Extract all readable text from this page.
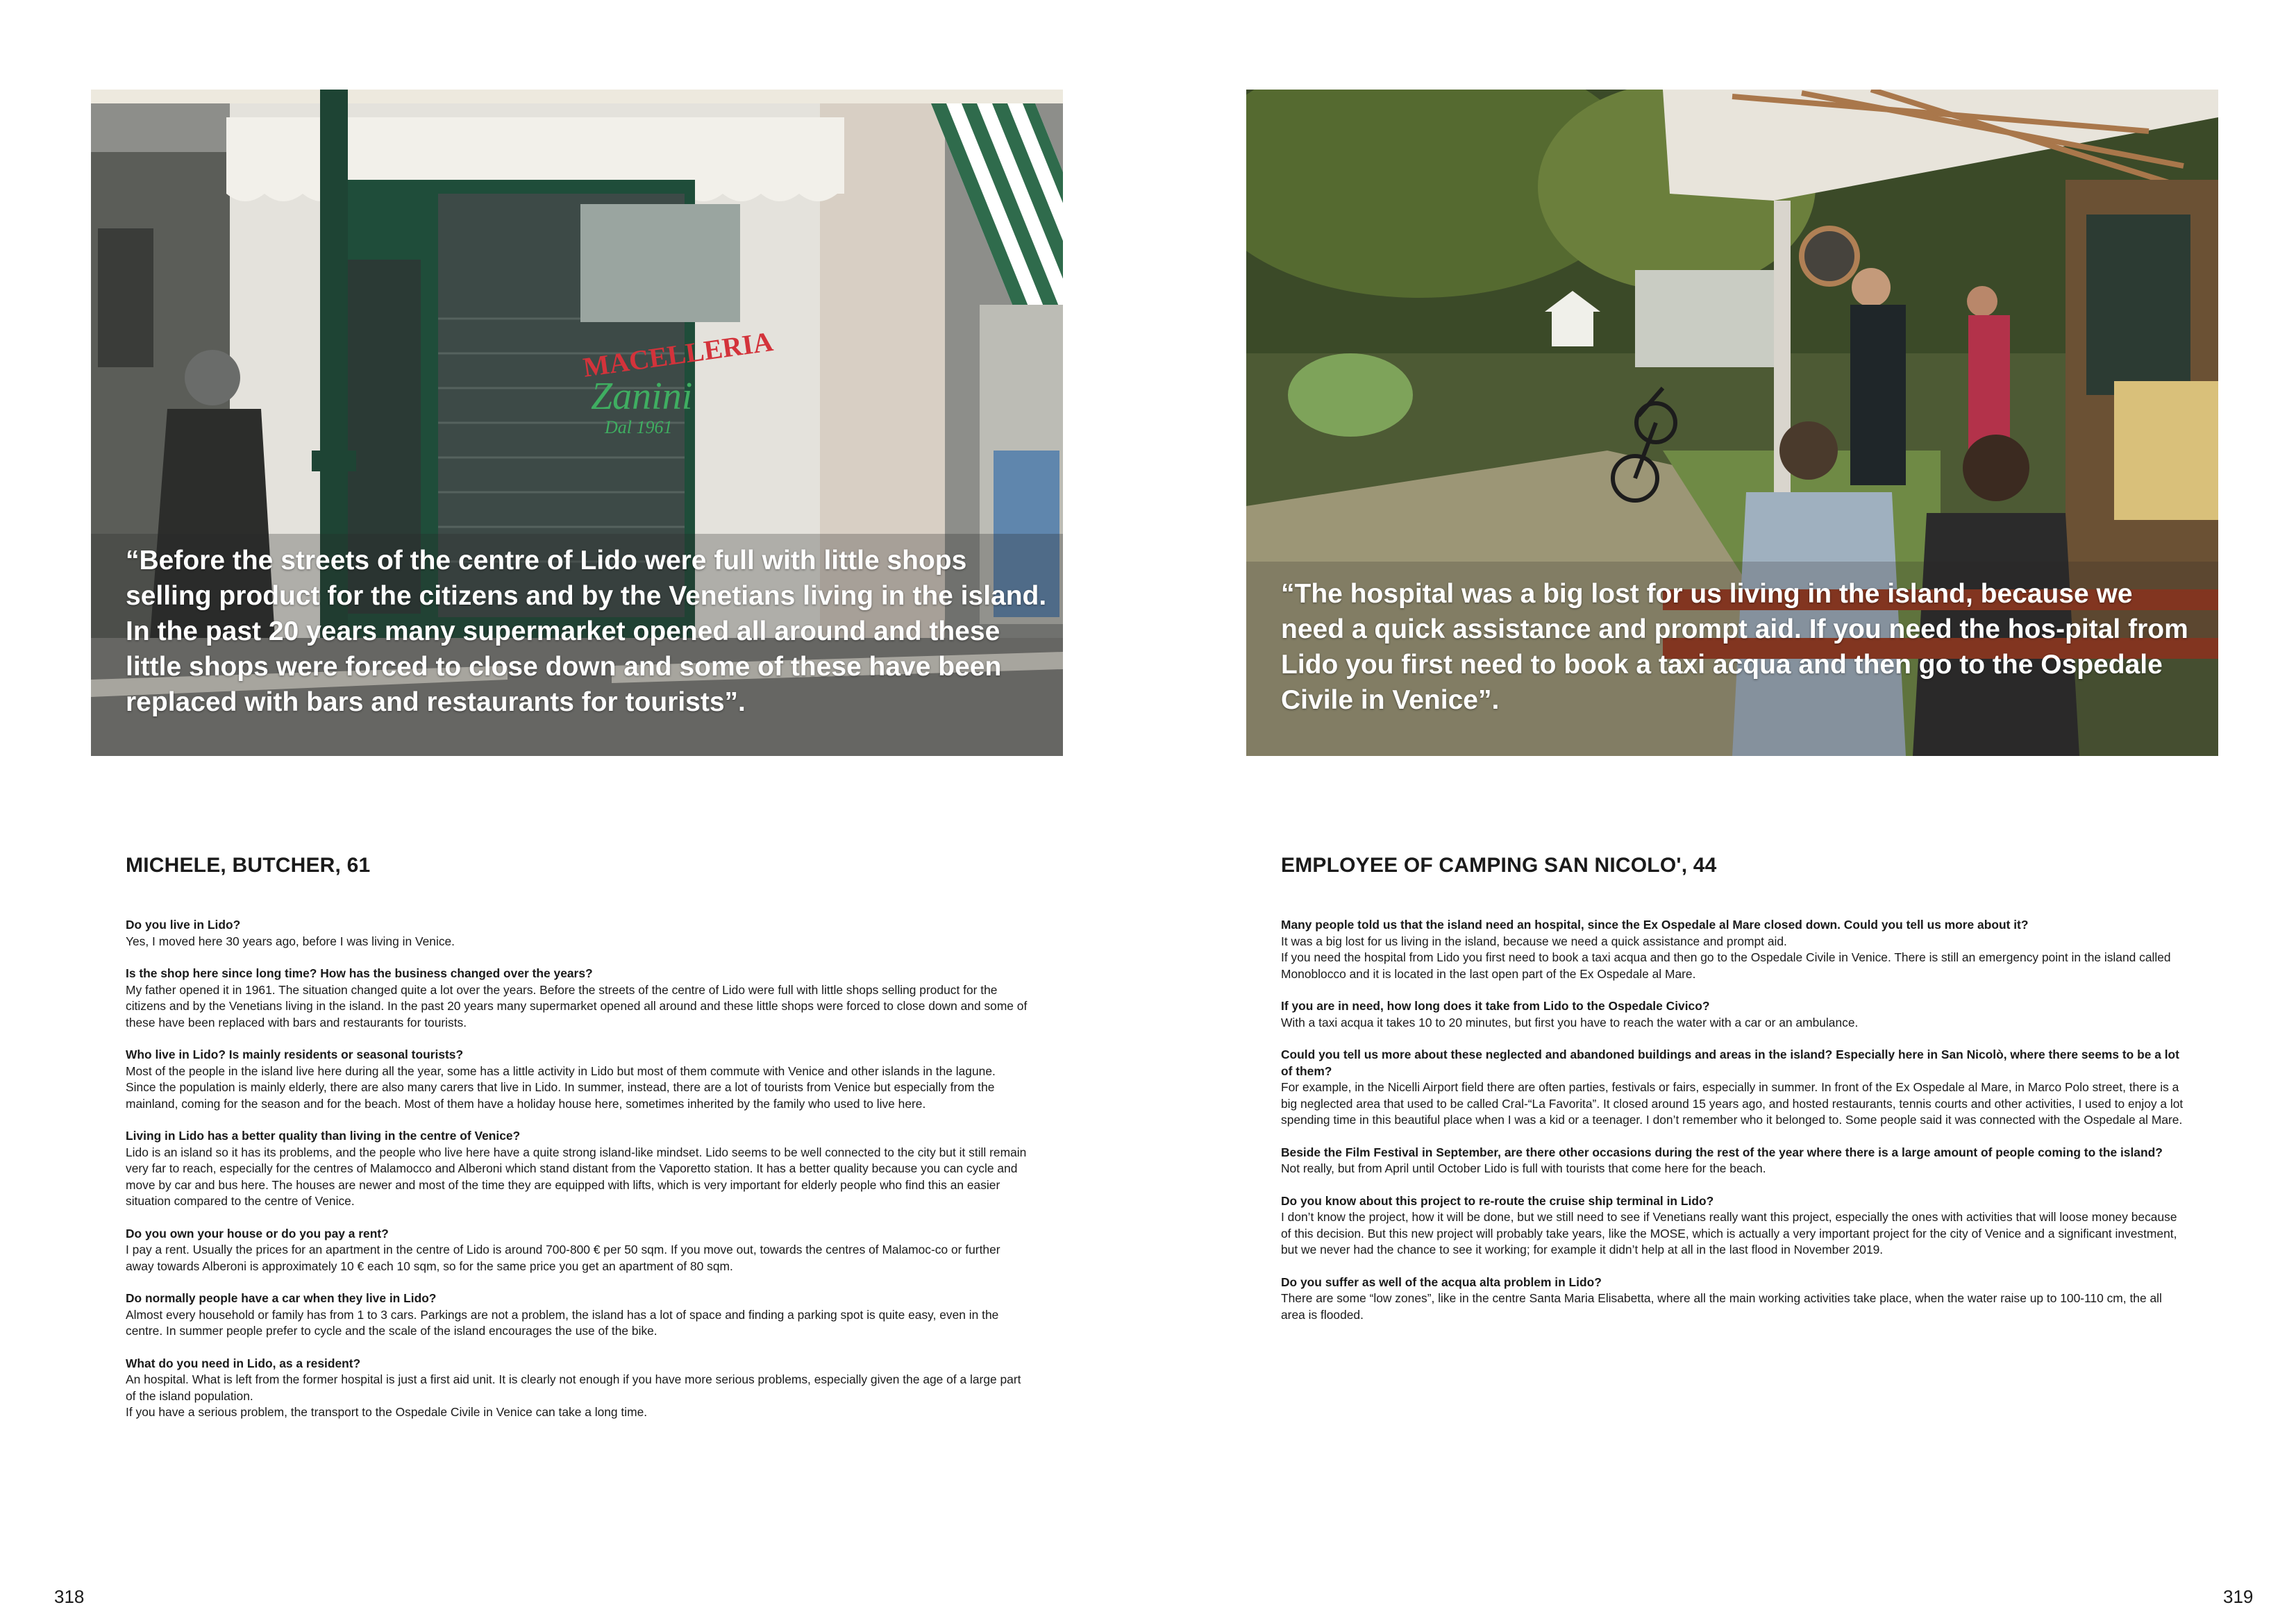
MACELLERIA
Zanini
Dal 1961

“Before the streets of the centre of Lido were full with little shops selling product for the citizens and by the Venetians living in the island. In the past 20 years many supermarket opened all around and these little shops were forced to close down and some of these have been replaced with bars and restaurants for tourists”.

MICHELE, BUTCHER, 61

Do you live in Lido?

Yes, I moved here 30 years ago, before I was living in Venice.

Is the shop here since long time? How has the business changed over the years?

My father opened it in 1961. The situation changed quite a lot over the years. Before the streets of the centre of Lido were full with little shops selling product for the citizens and by the Venetians living in the island. In the past 20 years many supermarket opened all around and these little shops were forced to close down and some of these have been replaced with bars and restaurants for tourists.

Who live in Lido? Is mainly residents or seasonal tourists?

Most of the people in the island live here during all the year, some has a little activity in Lido but most of them commute with Venice and other islands in the lagune. Since the population is mainly elderly, there are also many carers that live in Lido. In summer, instead, there are a lot of tourists from Venice but especially from the mainland, coming for the season and for the beach. Most of them have a holiday house here, sometimes inherited by the family who used to live here.

Living in Lido has a better quality than living in the centre of Venice?

Lido is an island so it has its problems, and the people who live here have a quite strong island-like mindset. Lido seems to be well connected to the city but it still remain very far to reach, especially for the centres of Malamocco and Alberoni which stand distant from the Vaporetto station. It has a better quality because you can cycle and move by car and bus here. The houses are newer and most of the time they are equipped with lifts, which is very important for elderly people who find this an easier situation compared to the centre of Venice.

Do you own your house or do you pay a rent?

I pay a rent. Usually the prices for an apartment in the centre of Lido is around 700-800 € per 50 sqm. If you move out, towards the centres of Malamoc-co or further away towards Alberoni is approximately 10 € each 10 sqm, so for the same price you get an apartment of 80 sqm.

Do normally people have a car when they live in Lido?

Almost every household or family has from 1 to 3 cars. Parkings are not a problem, the island has a lot of space and finding a parking spot is quite easy, even in the centre. In summer people prefer to cycle and the scale of the island encourages the use of the bike.

What do you need in Lido, as a resident?

An hospital. What is left from the former hospital is just a first aid unit. It is clearly not enough if you have more serious problems, especially given the age of a large part of the island population.
If you have a serious problem, the transport to the Ospedale Civile in Venice can take a long time.

318

“The hospital was a big lost for us living in the island, because we need a quick assistance and prompt aid. If you need the hos-pital from Lido you first need to book a taxi acqua and then go to the Ospedale Civile in Venice”.

EMPLOYEE OF CAMPING SAN NICOLO', 44

Many people told us that the island need an hospital, since the Ex Ospedale al Mare closed down. Could you tell us more about it?

It was a big lost for us living in the island, because we need a quick assistance and prompt aid.
If you need the hospital from Lido you first need to book a taxi acqua and then go to the Ospedale Civile in Venice. There is still an emergency point in the island called Monoblocco and it is located in the last open part of the Ex Ospedale al Mare.

If you are in need, how long does it take from Lido to the Ospedale Civico?

With a taxi acqua it takes 10 to 20 minutes, but first you have to reach the water with a car or an ambulance.

Could you tell us more about these neglected and abandoned buildings and areas in the island? Especially here in San Nicolò, where there seems to be a lot of them?

For example, in the Nicelli Airport field there are often parties, festivals or fairs, especially in summer. In front of the Ex Ospedale al Mare, in Marco Polo street, there is a big neglected area that used to be called Cral-“La Favorita”. It closed around 15 years ago, and hosted restaurants, tennis courts and other activities, I used to enjoy a lot spending time in this beautiful place when I was a kid or a teenager. I don’t remember who it belonged to. Some people said it was connected with the Ospedale al Mare.

Beside the Film Festival in September, are there other occasions during the rest of the year where there is a large amount of people coming to the island?

Not really, but from April until October Lido is full with tourists that come here for the beach.

Do you know about this project to re-route the cruise ship terminal in Lido?

I don’t know the project, how it will be done, but we still need to see if Venetians really want this project, especially the ones with activities that will loose money because of this decision. But this new project will probably take years, like the MOSE, which is actually a very important project for the city of Venice and a significant investment, but we never had the chance to see it working; for example it didn’t help at all in the last flood in November 2019.

Do you suffer as well of the acqua alta problem in Lido?

There are some “low zones”, like in the centre Santa Maria Elisabetta, where all the main working activities take place, when the water raise up to 100-110 cm, the all area is flooded.

319
